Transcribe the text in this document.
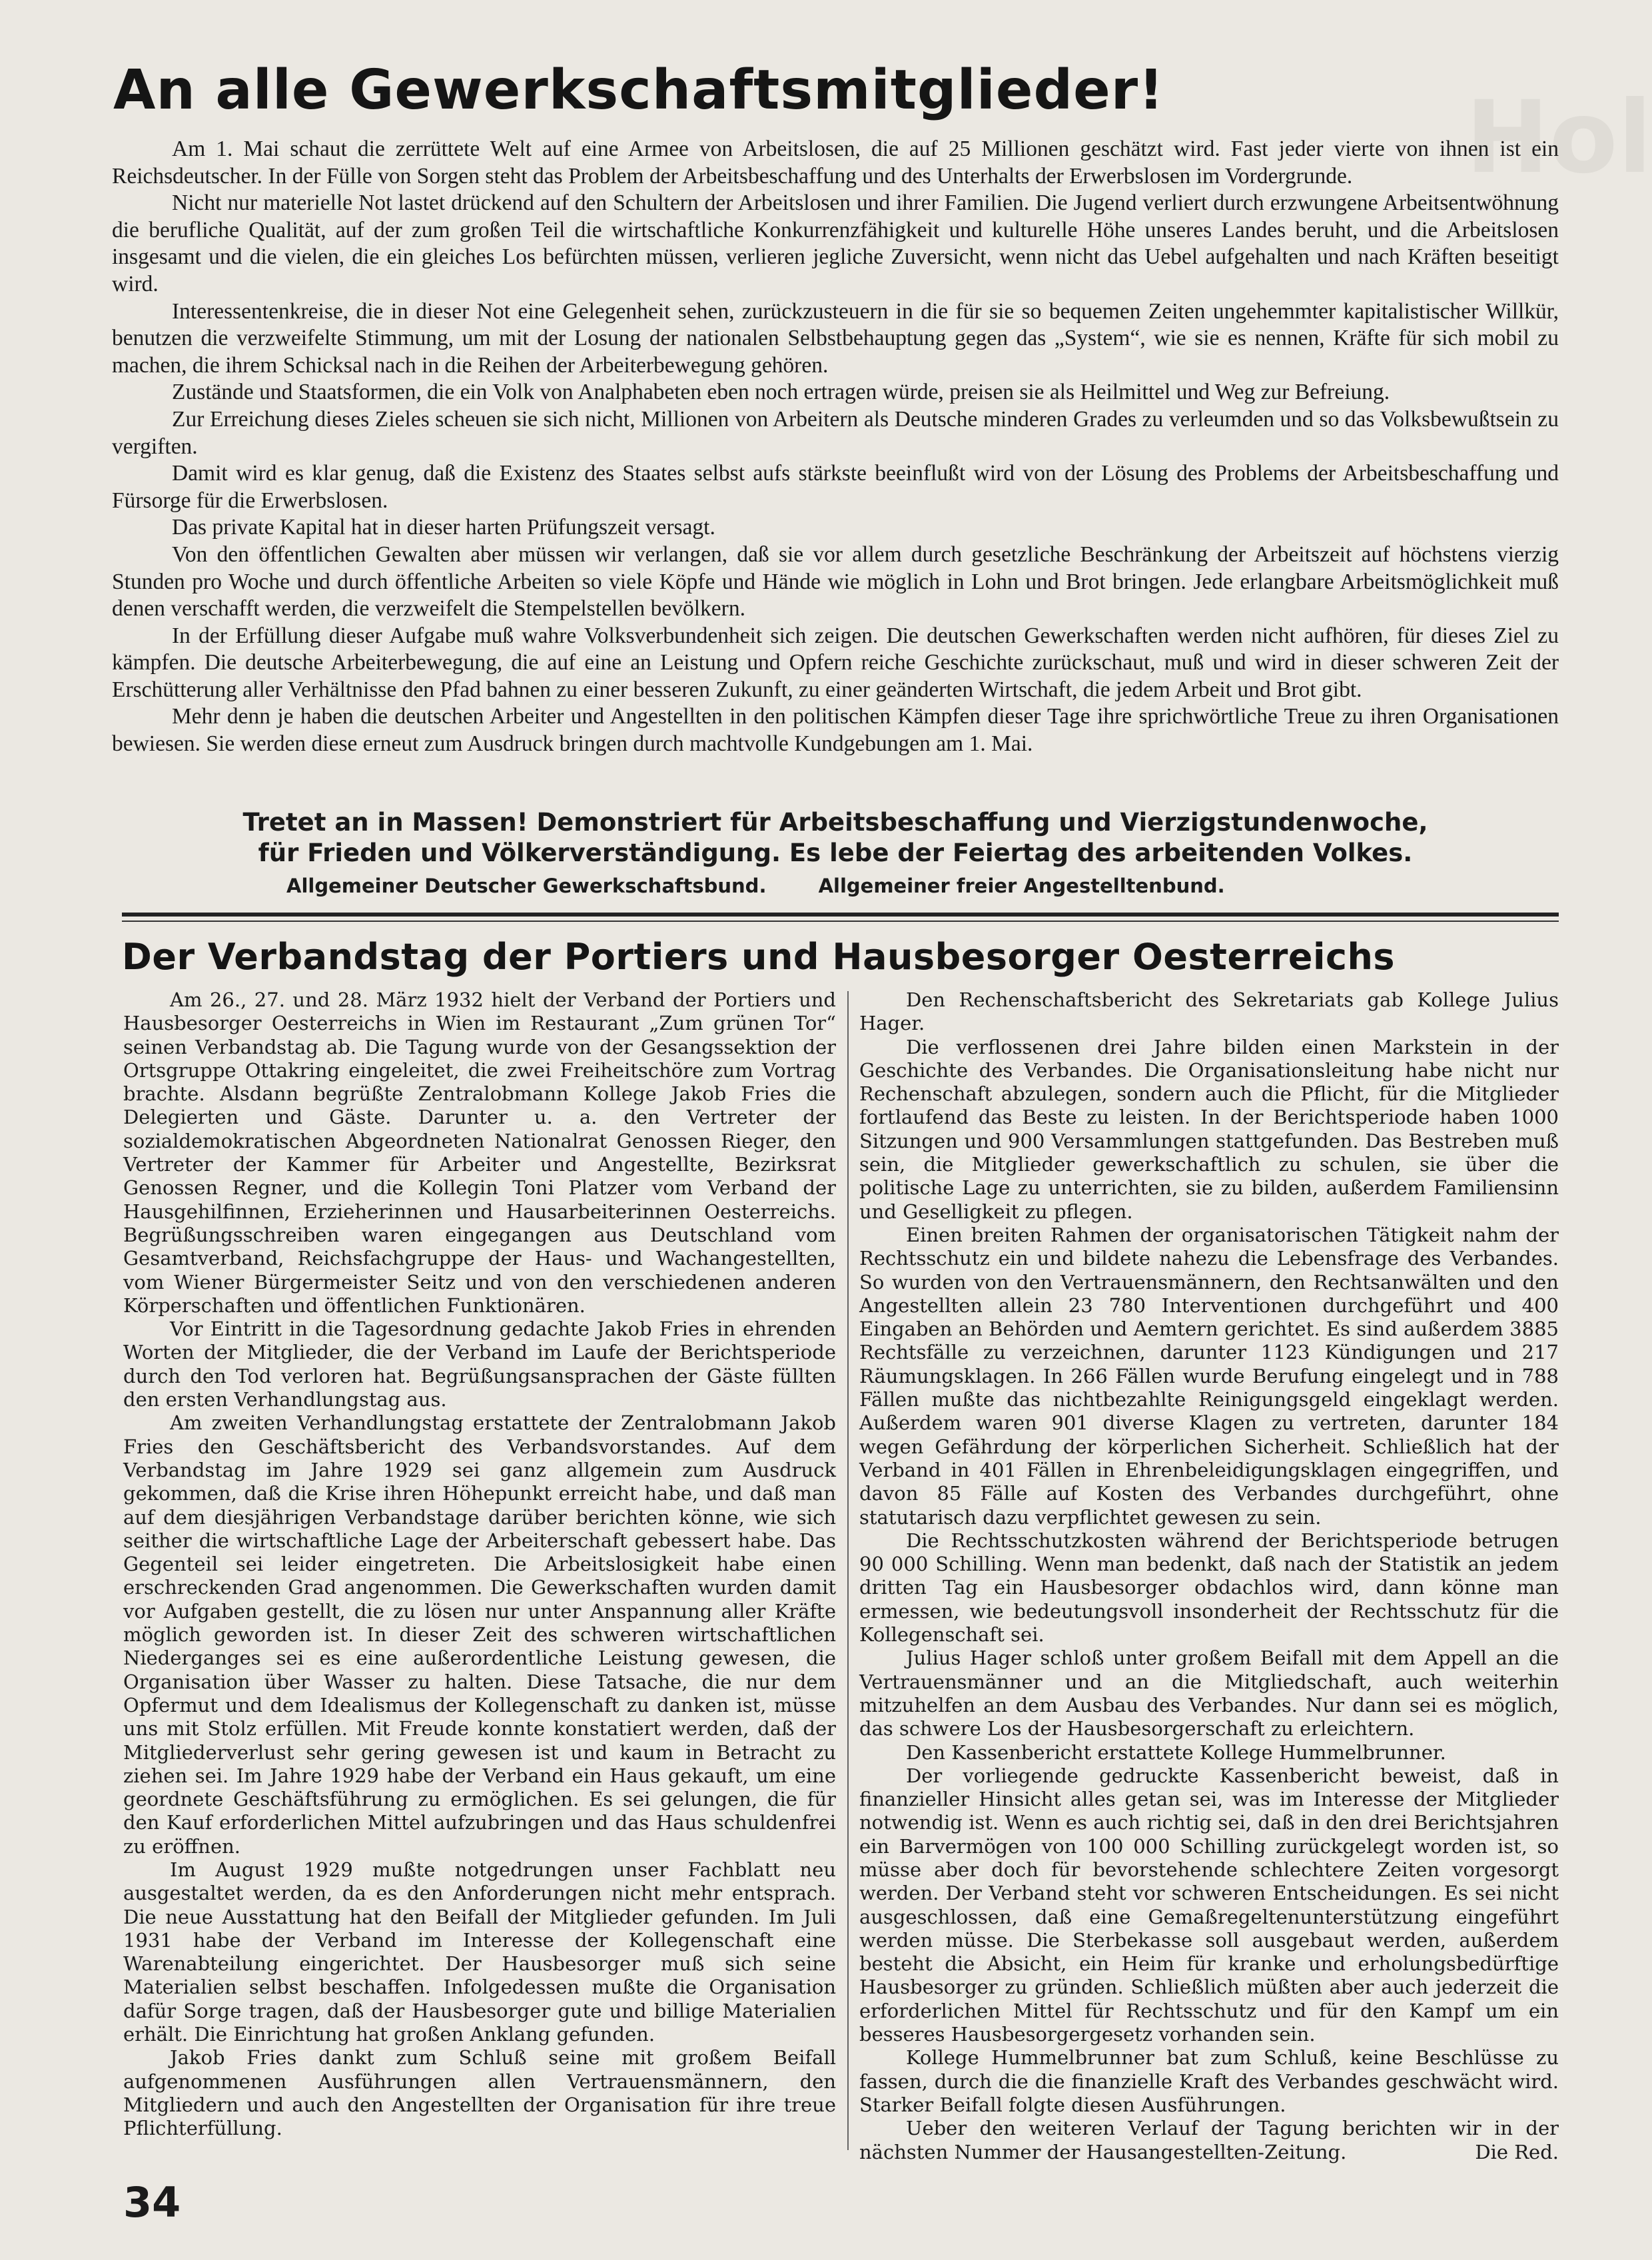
Hol
An alle Gewerkschaftsmitglieder!

Am 1. Mai schaut die zerrüttete Welt auf eine Armee von Arbeitslosen, die auf 25 Millionen geschätzt wird. Fast jeder vierte von ihnen ist ein Reichsdeutscher. In der Fülle von Sorgen steht das Problem der Arbeitsbeschaffung und des Unterhalts der Erwerbslosen im Vordergrunde.

Nicht nur materielle Not lastet drückend auf den Schultern der Arbeitslosen und ihrer Familien. Die Jugend verliert durch erzwungene Arbeitsentwöhnung die berufliche Qualität, auf der zum großen Teil die wirtschaftliche Konkurrenzfähigkeit und kulturelle Höhe unseres Landes beruht, und die Arbeitslosen insgesamt und die vielen, die ein gleiches Los befürchten müssen, verlieren jegliche Zuversicht, wenn nicht das Uebel aufgehalten und nach Kräften beseitigt wird.

Interessentenkreise, die in dieser Not eine Gelegenheit sehen, zurückzusteuern in die für sie so bequemen Zeiten ungehemmter kapitalistischer Willkür, benutzen die verzweifelte Stimmung, um mit der Losung der nationalen Selbstbehauptung gegen das „System“, wie sie es nennen, Kräfte für sich mobil zu machen, die ihrem Schicksal nach in die Reihen der Arbeiterbewegung gehören.

Zustände und Staatsformen, die ein Volk von Analphabeten eben noch ertragen würde, preisen sie als Heilmittel und Weg zur Befreiung.

Zur Erreichung dieses Zieles scheuen sie sich nicht, Millionen von Arbeitern als Deutsche minderen Grades zu verleumden und so das Volksbewußtsein zu vergiften.

Damit wird es klar genug, daß die Existenz des Staates selbst aufs stärkste beeinflußt wird von der Lösung des Problems der Arbeitsbeschaffung und Fürsorge für die Erwerbslosen.

Das private Kapital hat in dieser harten Prüfungszeit versagt.

Von den öffentlichen Gewalten aber müssen wir verlangen, daß sie vor allem durch gesetzliche Beschränkung der Arbeitszeit auf höchstens vierzig Stunden pro Woche und durch öffentliche Arbeiten so viele Köpfe und Hände wie möglich in Lohn und Brot bringen. Jede erlangbare Arbeitsmöglichkeit muß denen verschafft werden, die verzweifelt die Stempelstellen bevölkern.

In der Erfüllung dieser Aufgabe muß wahre Volksverbundenheit sich zeigen. Die deutschen Gewerkschaften werden nicht aufhören, für dieses Ziel zu kämpfen. Die deutsche Arbeiterbewegung, die auf eine an Leistung und Opfern reiche Geschichte zurückschaut, muß und wird in dieser schweren Zeit der Erschütterung aller Verhältnisse den Pfad bahnen zu einer besseren Zukunft, zu einer geänderten Wirtschaft, die jedem Arbeit und Brot gibt.

Mehr denn je haben die deutschen Arbeiter und Angestellten in den politischen Kämpfen dieser Tage ihre sprichwörtliche Treue zu ihren Organisationen bewiesen. Sie werden diese erneut zum Ausdruck bringen durch machtvolle Kundgebungen am 1. Mai.

Tretet an in Massen! Demonstriert für Arbeitsbeschaffung und Vierzigstundenwoche,
für Frieden und Völkerverständigung. Es lebe der Feiertag des arbeitenden Volkes.
Allgemeiner Deutscher Gewerkschaftsbund.	Allgemeiner freier Angestelltenbund.
Der Verbandstag der Portiers und Hausbesorger Oesterreichs

Am 26., 27. und 28. März 1932 hielt der Verband der Portiers und Hausbesorger Oesterreichs in Wien im Restaurant „Zum grünen Tor“ seinen Verbandstag ab. Die Tagung wurde von der Gesangssektion der Ortsgruppe Ottakring eingeleitet, die zwei Freiheitschöre zum Vortrag brachte. Alsdann begrüßte Zentralobmann Kollege Jakob Fries die Delegierten und Gäste. Darunter u. a. den Vertreter der sozialdemokratischen Abgeordneten Nationalrat Genossen Rieger, den Vertreter der Kammer für Arbeiter und Angestellte, Bezirksrat Genossen Regner, und die Kollegin Toni Platzer vom Verband der Hausgehilfinnen, Erzieherinnen und Hausarbeiterinnen Oesterreichs. Begrüßungsschreiben waren eingegangen aus Deutschland vom Gesamtverband, Reichsfachgruppe der Haus- und Wachangestellten, vom Wiener Bürgermeister Seitz und von den verschiedenen anderen Körperschaften und öffentlichen Funktionären.

Vor Eintritt in die Tagesordnung gedachte Jakob Fries in ehrenden Worten der Mitglieder, die der Verband im Laufe der Berichtsperiode durch den Tod verloren hat. Begrüßungsansprachen der Gäste füllten den ersten Verhandlungstag aus.

Am zweiten Verhandlungstag erstattete der Zentralobmann Jakob Fries den Geschäftsbericht des Verbandsvorstandes. Auf dem Verbandstag im Jahre 1929 sei ganz allgemein zum Ausdruck gekommen, daß die Krise ihren Höhepunkt erreicht habe, und daß man auf dem diesjährigen Verbandstage darüber berichten könne, wie sich seither die wirtschaftliche Lage der Arbeiterschaft gebessert habe. Das Gegenteil sei leider eingetreten. Die Arbeitslosigkeit habe einen erschreckenden Grad angenommen. Die Gewerkschaften wurden damit vor Aufgaben gestellt, die zu lösen nur unter Anspannung aller Kräfte möglich geworden ist. In dieser Zeit des schweren wirtschaftlichen Niederganges sei es eine außerordentliche Leistung gewesen, die Organisation über Wasser zu halten. Diese Tatsache, die nur dem Opfermut und dem Idealismus der Kollegenschaft zu danken ist, müsse uns mit Stolz erfüllen. Mit Freude konnte konstatiert werden, daß der Mitgliederverlust sehr gering gewesen ist und kaum in Betracht zu ziehen sei. Im Jahre 1929 habe der Verband ein Haus gekauft, um eine geordnete Geschäftsführung zu ermöglichen. Es sei gelungen, die für den Kauf erforderlichen Mittel aufzubringen und das Haus schuldenfrei zu eröffnen.

Im August 1929 mußte notgedrungen unser Fachblatt neu ausgestaltet werden, da es den Anforderungen nicht mehr entsprach. Die neue Ausstattung hat den Beifall der Mitglieder gefunden. Im Juli 1931 habe der Verband im Interesse der Kollegenschaft eine Warenabteilung eingerichtet. Der Hausbesorger muß sich seine Materialien selbst beschaffen. Infolgedessen mußte die Organisation dafür Sorge tragen, daß der Hausbesorger gute und billige Materialien erhält. Die Einrichtung hat großen Anklang gefunden.

Jakob Fries dankt zum Schluß seine mit großem Beifall aufgenommenen Ausführungen allen Vertrauensmännern, den Mitgliedern und auch den Angestellten der Organisation für ihre treue Pflichterfüllung.

Den Rechenschaftsbericht des Sekretariats gab Kollege Julius Hager.

Die verflossenen drei Jahre bilden einen Markstein in der Geschichte des Verbandes. Die Organisationsleitung habe nicht nur Rechenschaft abzulegen, sondern auch die Pflicht, für die Mitglieder fortlaufend das Beste zu leisten. In der Berichtsperiode haben 1000 Sitzungen und 900 Versammlungen stattgefunden. Das Bestreben muß sein, die Mitglieder gewerkschaftlich zu schulen, sie über die politische Lage zu unterrichten, sie zu bilden, außerdem Familiensinn und Geselligkeit zu pflegen.

Einen breiten Rahmen der organisatorischen Tätigkeit nahm der Rechtsschutz ein und bildete nahezu die Lebensfrage des Verbandes. So wurden von den Vertrauensmännern, den Rechtsanwälten und den Angestellten allein 23 780 Interventionen durchgeführt und 400 Eingaben an Behörden und Aemtern gerichtet. Es sind außerdem 3885 Rechtsfälle zu verzeichnen, darunter 1123 Kündigungen und 217 Räumungsklagen. In 266 Fällen wurde Berufung eingelegt und in 788 Fällen mußte das nichtbezahlte Reinigungsgeld eingeklagt werden. Außerdem waren 901 diverse Klagen zu vertreten, darunter 184 wegen Gefährdung der körperlichen Sicherheit. Schließlich hat der Verband in 401 Fällen in Ehrenbeleidigungsklagen eingegriffen, und davon 85 Fälle auf Kosten des Verbandes durchgeführt, ohne statutarisch dazu verpflichtet gewesen zu sein.

Die Rechtsschutzkosten während der Berichtsperiode betrugen 90 000 Schilling. Wenn man bedenkt, daß nach der Statistik an jedem dritten Tag ein Hausbesorger obdachlos wird, dann könne man ermessen, wie bedeutungsvoll insonderheit der Rechtsschutz für die Kollegenschaft sei.

Julius Hager schloß unter großem Beifall mit dem Appell an die Vertrauensmänner und an die Mitgliedschaft, auch weiterhin mitzuhelfen an dem Ausbau des Verbandes. Nur dann sei es möglich, das schwere Los der Hausbesorgerschaft zu erleichtern.

Den Kassenbericht erstattete Kollege Hummelbrunner.

Der vorliegende gedruckte Kassenbericht beweist, daß in finanzieller Hinsicht alles getan sei, was im Interesse der Mitglieder notwendig ist. Wenn es auch richtig sei, daß in den drei Berichtsjahren ein Barvermögen von 100 000 Schilling zurückgelegt worden ist, so müsse aber doch für bevorstehende schlechtere Zeiten vorgesorgt werden. Der Verband steht vor schweren Entscheidungen. Es sei nicht ausgeschlossen, daß eine Gemaßregeltenunterstützung eingeführt werden müsse. Die Sterbekasse soll ausgebaut werden, außerdem besteht die Absicht, ein Heim für kranke und erholungsbedürftige Hausbesorger zu gründen. Schließlich müßten aber auch jederzeit die erforderlichen Mittel für Rechtsschutz und für den Kampf um ein besseres Hausbesorgergesetz vorhanden sein.

Kollege Hummelbrunner bat zum Schluß, keine Beschlüsse zu fassen, durch die die finanzielle Kraft des Verbandes geschwächt wird. Starker Beifall folgte diesen Ausführungen.

Ueber den weiteren Verlauf der Tagung berichten wir in der nächsten Nummer der Hausangestellten-Zeitung.	Die Red.

34
